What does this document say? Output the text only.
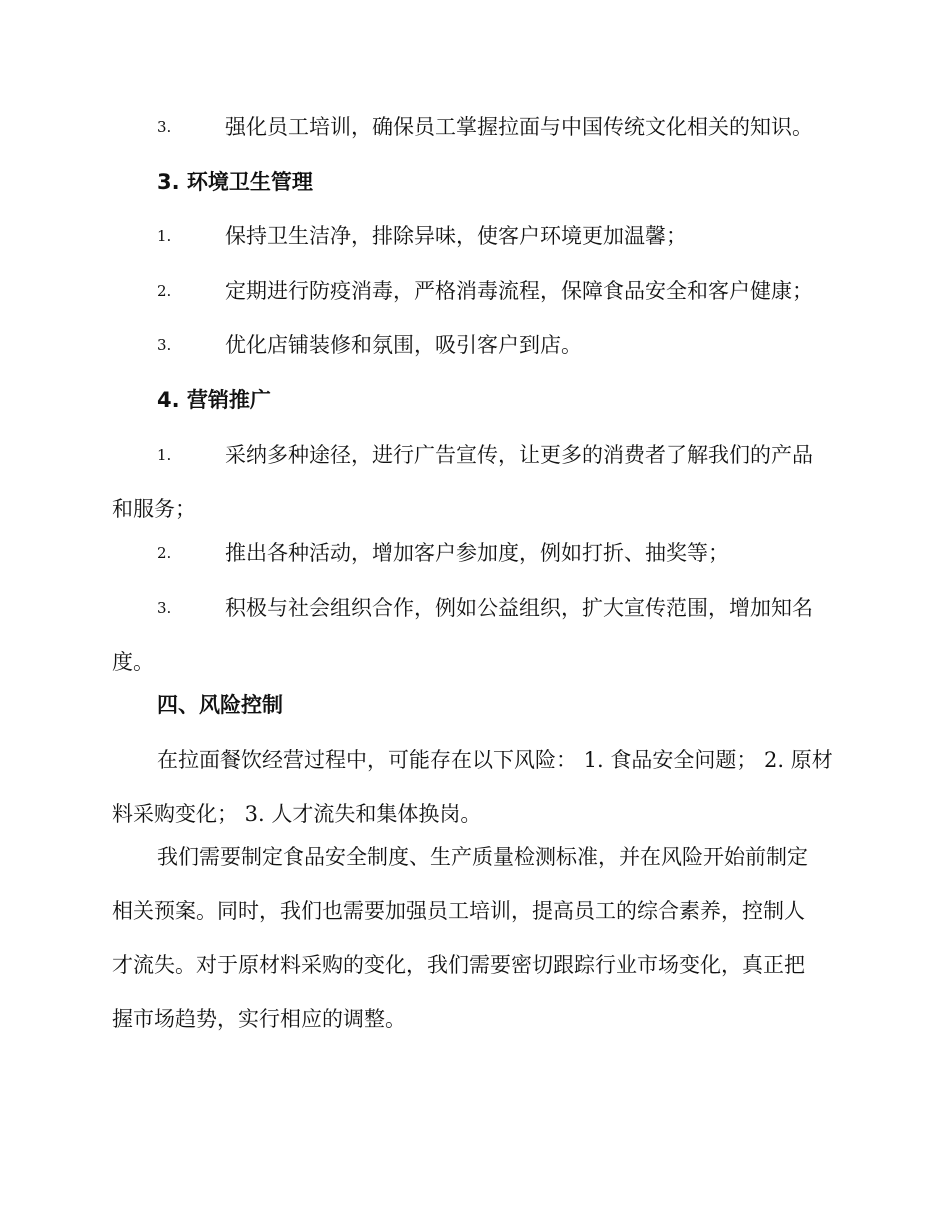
3.	强化员工培训，确保员工掌握拉面与中国传统文化相关的知识。
3. 环境卫生管理
1.	保持卫生洁净，排除异味，使客户环境更加温馨；
2.	定期进行防疫消毒，严格消毒流程，保障食品安全和客户健康；
3.	优化店铺装修和氛围，吸引客户到店。
4. 营销推广
1.	采纳多种途径，进行广告宣传，让更多的消费者了解我们的产品
和服务；
2.	推出各种活动，增加客户参加度，例如打折、抽奖等；
3.	积极与社会组织合作，例如公益组织，扩大宣传范围，增加知名
度。
四、风险控制
在拉面餐饮经营过程中，可能存在以下风险： 1. 食品安全问题； 2. 原材
料采购变化； 3. 人才流失和集体换岗。
我们需要制定食品安全制度、生产质量检测标准，并在风险开始前制定
相关预案。同时，我们也需要加强员工培训，提高员工的综合素养，控制人
才流失。对于原材料采购的变化，我们需要密切跟踪行业市场变化，真正把
握市场趋势，实行相应的调整。
